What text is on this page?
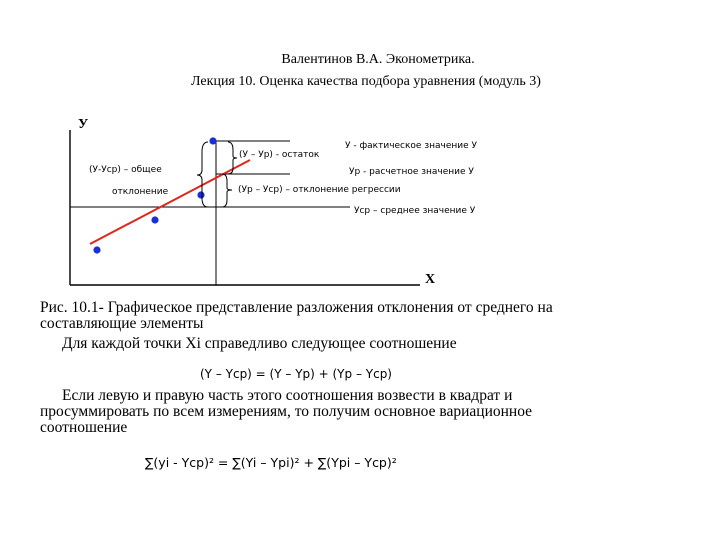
Валентинов В.А. Эконометрика.
Лекция 10. Оценка качества подбора уравнения (модуль 3)
У
X
(У – Ур) - остаток
(У-Уср) – общее
отклонение	(Ур – Уср) – отклонение регрессии
У - фактическое значение У
Ур - расчетное значение У
Уср – среднее значение У
Рис. 10.1- Графическое представление разложения отклонения от среднего на
составляющие элементы
Для каждой точки Xi справедливо следующее соотношение
(Y – Ycp) = (Y – Yp) + (Yp – Ycp)
Если левую и правую часть этого соотношения возвести в квадрат и
просуммировать по всем измерениям, то получим основное вариационное
соотношение
∑(yi - Ycp)² = ∑(Yi – Ypi)² + ∑(Ypi – Ycp)²
